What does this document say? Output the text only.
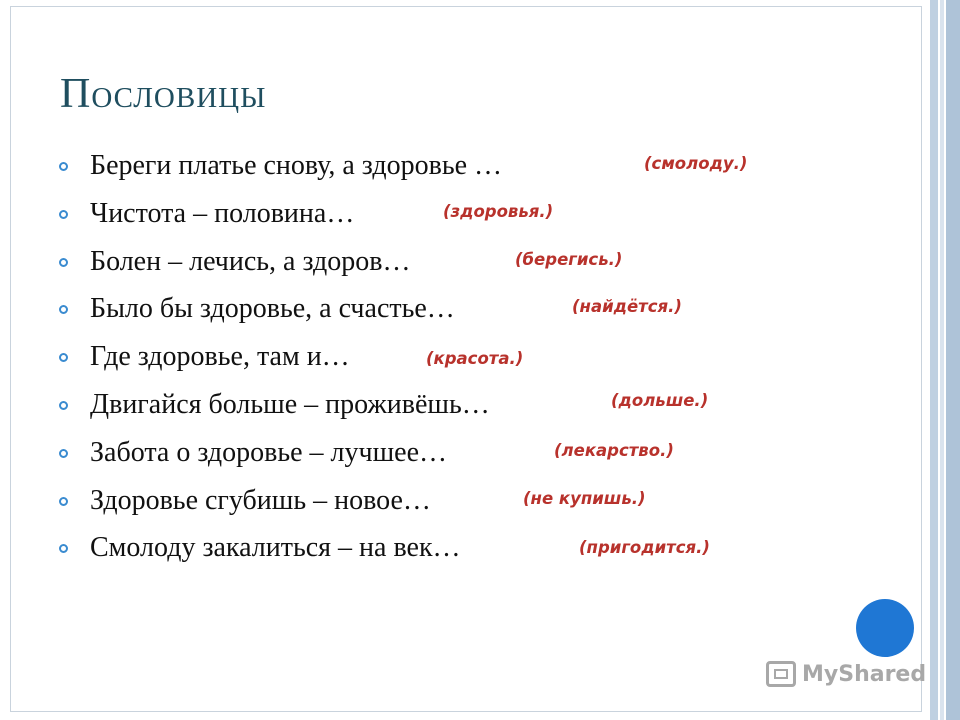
Пословицы
Береги платье снову, а здоровье …	(смолоду.)
Чистота – половина…	(здоровья.)
Болен – лечись, а здоров…	(берегись.)
Было бы здоровье, а счастье…	(найдётся.)
Где здоровье, там и…	(красота.)
Двигайся больше – проживёшь…	(дольше.)
Забота о здоровье – лучшее…	(лекарство.)
Здоровье сгубишь – новое…	(не купишь.)
Смолоду закалиться – на век…	(пригодится.)
MyShared
